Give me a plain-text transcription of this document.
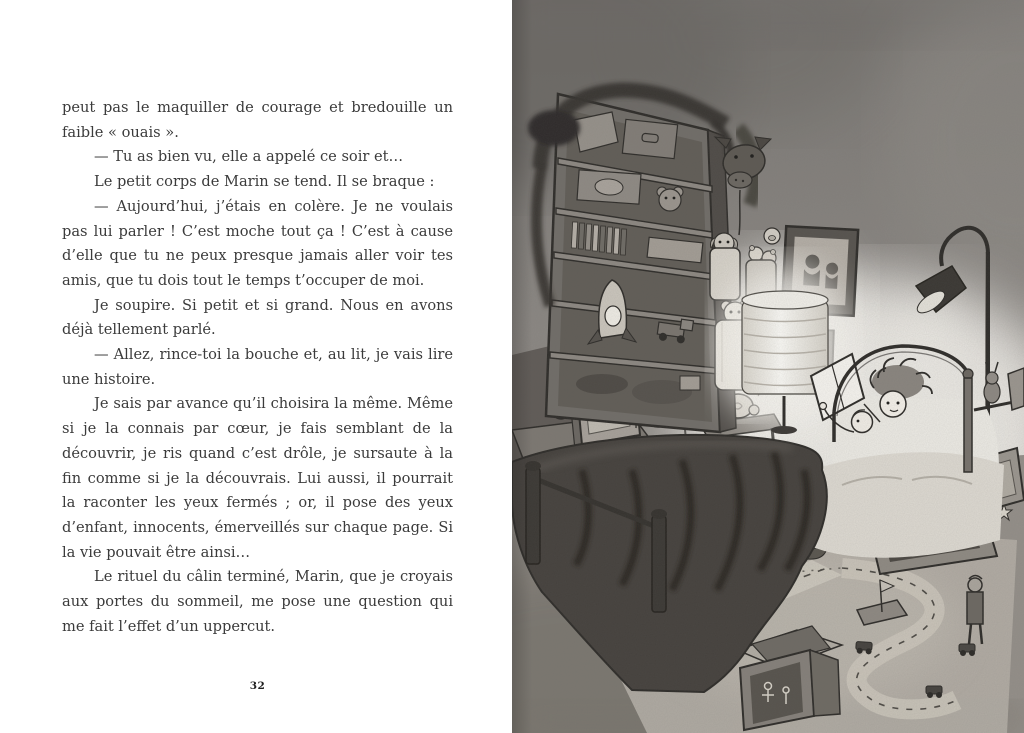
peut pas le maquiller de courage et bredouille un faible « ouais ».

— Tu as bien vu, elle a appelé ce soir et…

Le petit corps de Marin se tend. Il se braque :

— Aujourd’hui, j’étais en colère. Je ne voulais pas lui parler ! C’est moche tout ça ! C’est à cause d’elle que tu ne peux presque jamais aller voir tes amis, que tu dois tout le temps t’occuper de moi.

Je soupire. Si petit et si grand. Nous en avons déjà tellement parlé.

— Allez, rince-toi la bouche et, au lit, je vais lire une histoire.

Je sais par avance qu’il choisira la même. Même si je la connais par cœur, je fais semblant de la découvrir, je ris quand c’est drôle, je sursaute à la fin comme si je la découvrais. Lui aussi, il pourrait la raconter les yeux fermés ; or, il pose des yeux d’enfant, innocents, émerveillés sur chaque page. Si la vie pouvait être ainsi…

Le rituel du câlin terminé, Marin, que je croyais aux portes du sommeil, me pose une question qui me fait l’effet d’un uppercut.

32
